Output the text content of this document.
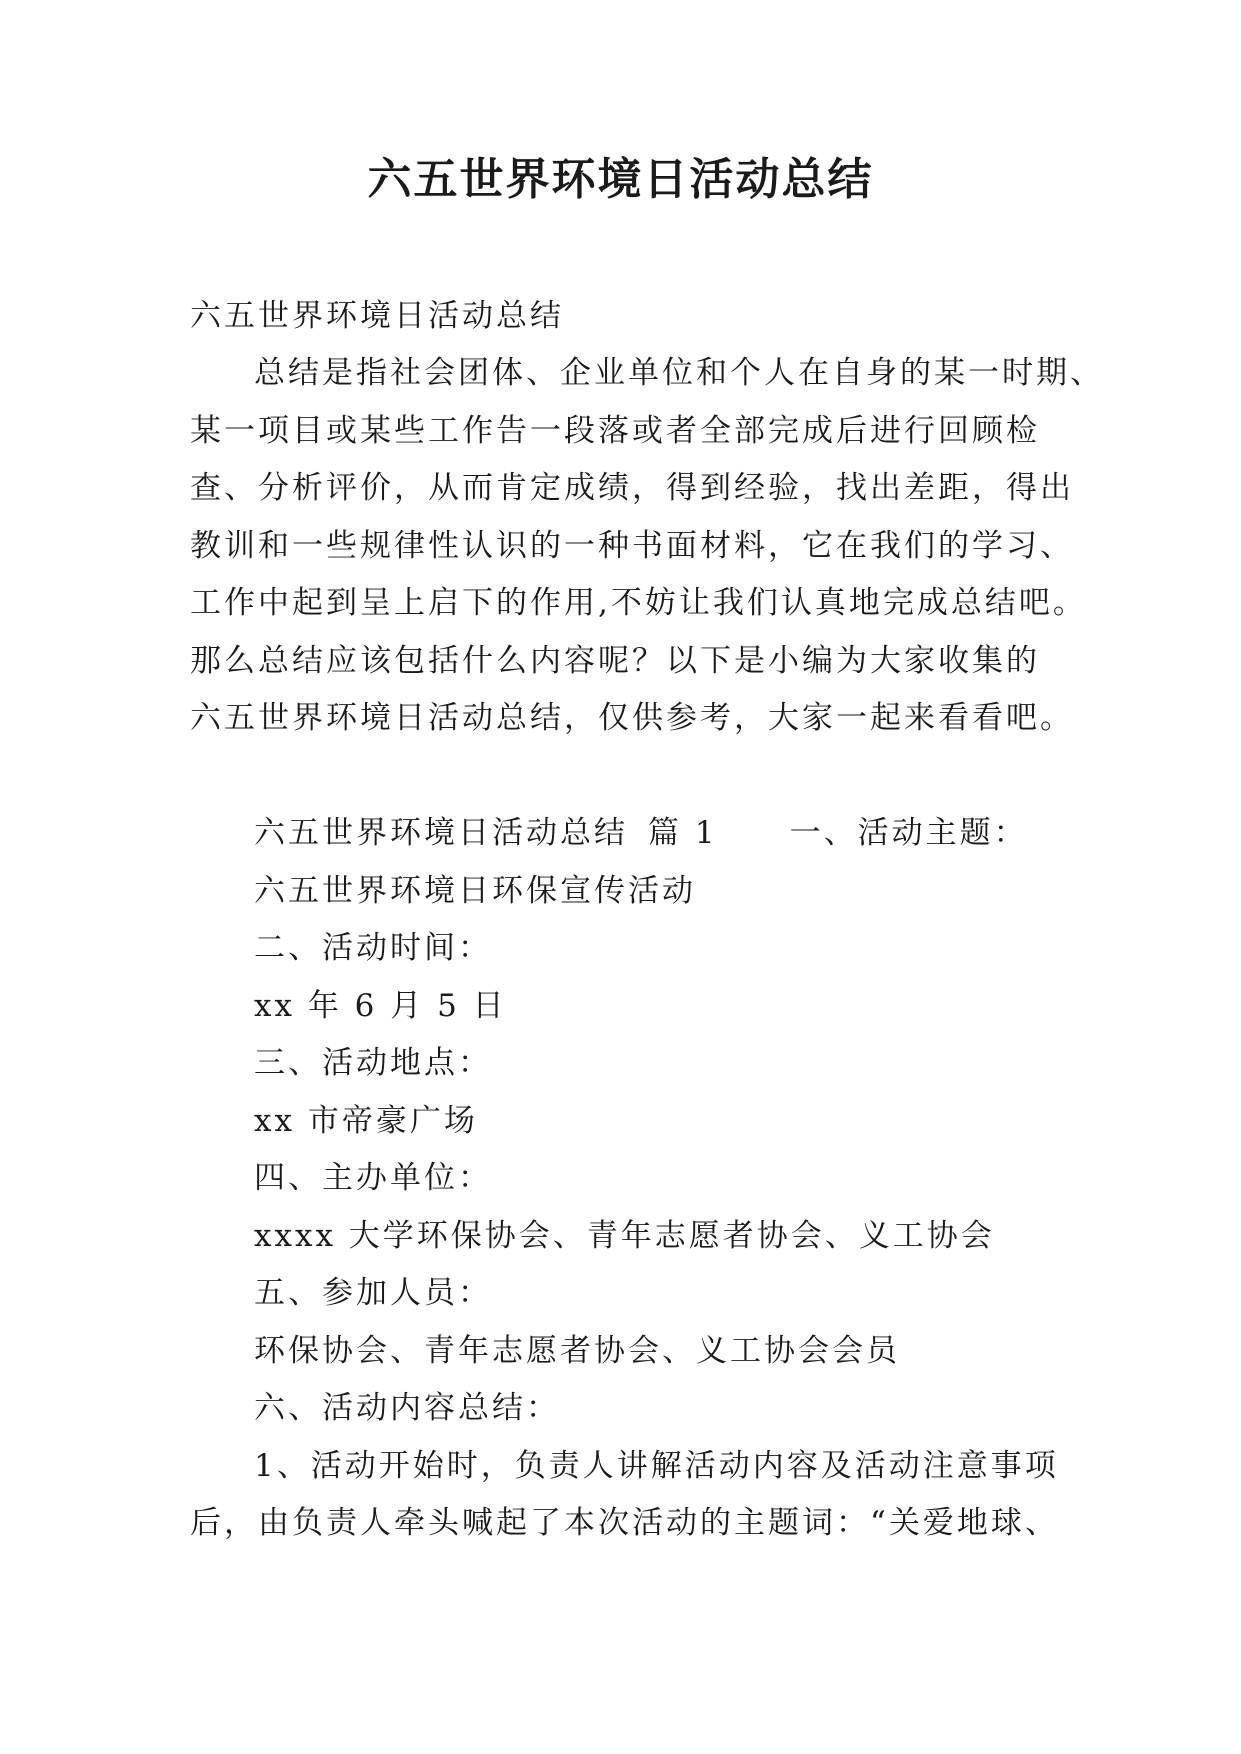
六五世界环境日活动总结
六五世界环境日活动总结
总结是指社会团体、企业单位和个人在自身的某一时期、
某一项目或某些工作告一段落或者全部完成后进行回顾检
查、分析评价，从而肯定成绩，得到经验，找出差距，得出
教训和一些规律性认识的一种书面材料，它在我们的学习、
工作中起到呈上启下的作用,不妨让我们认真地完成总结吧。
那么总结应该包括什么内容呢？以下是小编为大家收集的
六五世界环境日活动总结，仅供参考，大家一起来看看吧。
六五世界环境日活动总结 篇 1 一、活动主题：
六五世界环境日环保宣传活动
二、活动时间：
xx 年 6 月 5 日
三、活动地点：
xx 市帝豪广场
四、主办单位：
xxxx 大学环保协会、青年志愿者协会、义工协会
五、参加人员：
环保协会、青年志愿者协会、义工协会会员
六、活动内容总结：
1、活动开始时，负责人讲解活动内容及活动注意事项
后，由负责人牵头喊起了本次活动的主题词：“关爱地球、
